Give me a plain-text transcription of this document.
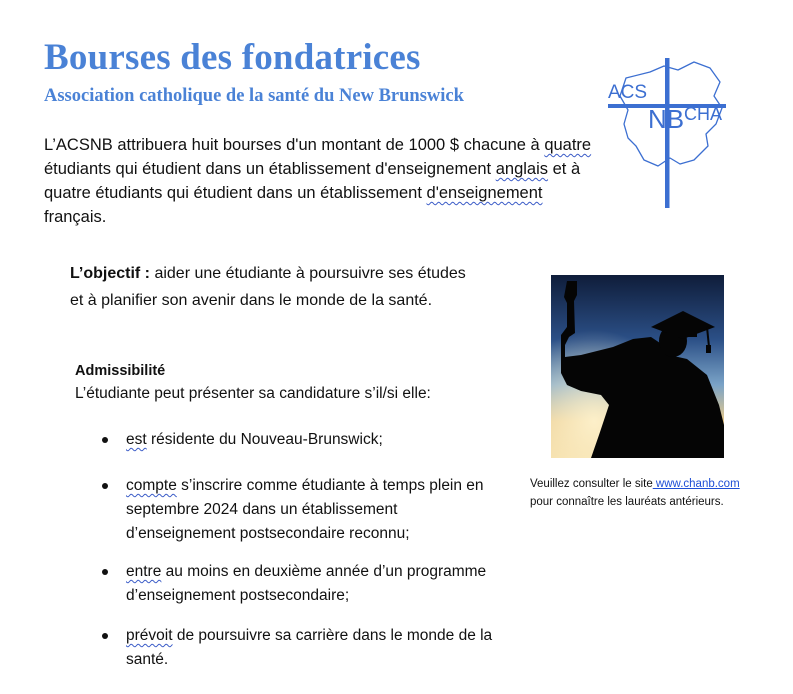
Bourses des fondatrices
Association catholique de la santé du New Brunswick

L’ACSNB attribuera huit bourses d'un montant de 1000 $ chacune à quatre étudiants qui étudient dans un établissement d'enseignement anglais et à quatre étudiants qui étudient dans un établissement d'enseignement français.

ACS
NB CHA

L’objectif : aider une étudiante à poursuivre ses études et à planifier son avenir dans le monde de la santé.

Admissibilité

L’étudiante peut présenter sa candidature s’il/si elle:

est résidente du Nouveau-Brunswick;
compte s’inscrire comme étudiante à temps plein en septembre 2024 dans un établissement d’enseignement postsecondaire reconnu;
entre au moins en deuxième année d’un programme d’enseignement postsecondaire;
prévoit de poursuivre sa carrière dans le monde de la santé.

Veuillez consulter le site www.chanb.com
pour connaître les lauréats antérieurs.
